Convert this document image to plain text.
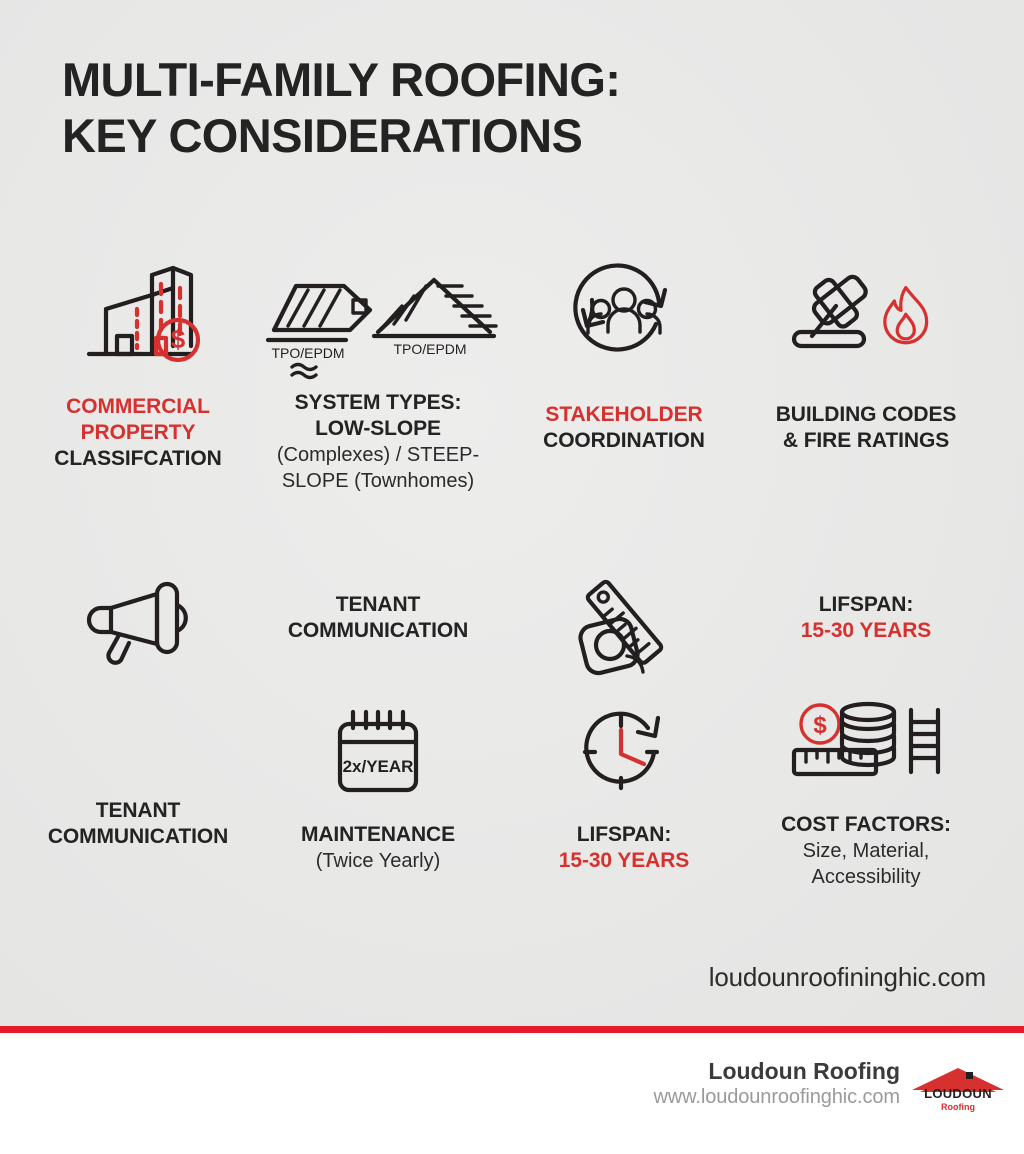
MULTI-FAMILY ROOFING:
KEY CONSIDERATIONS
$
COMMERCIAL
PROPERTY
CLASSIFCATION
TPO/EPDM	TPO/EPDM
SYSTEM TYPES:
LOW-SLOPE
(Complexes) / STEEP-
SLOPE (Townhomes)
STAKEHOLDER
COORDINATION
BUILDING CODES
& FIRE RATINGS
TENANT
COMMUNICATION
LIFSPAN:
15-30 YEARS
TENANT
COMMUNICATION
2x/YEAR
MAINTENANCE
(Twice Yearly)
LIFSPAN:
15-30 YEARS
$
COST FACTORS:
Size, Material,
Accessibility
loudounroofininghic.com
Loudoun Roofing
www.loudounroofinghic.com LOUDOUN
Roofing
